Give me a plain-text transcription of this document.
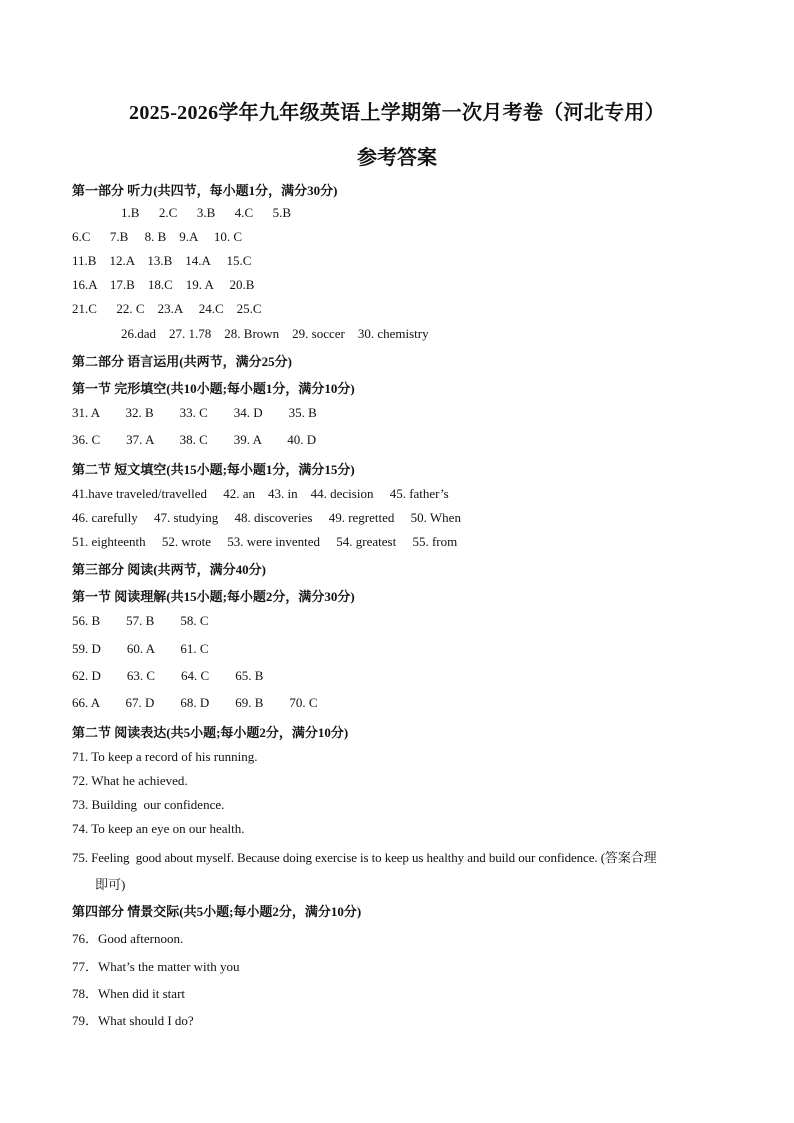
2025-2026学年九年级英语上学期第一次月考卷（河北专用）
参考答案
第一部分 听力(共四节，每小题1分，满分30分)
1.B      2.C      3.B      4.C      5.B
6.C      7.B     8. B    9.A     10. C
11.B    12.A    13.B    14.A     15.C
16.A    17.B    18.C    19. A     20.B
21.C      22. C    23.A     24.C    25.C
26.dad    27. 1.78    28. Brown    29. soccer    30. chemistry
第二部分 语言运用(共两节，满分25分)
第一节 完形填空(共10小题;每小题1分，满分10分)
31. A        32. B        33. C        34. D        35. B
36. C        37. A        38. C        39. A        40. D
第二节 短文填空(共15小题;每小题1分，满分15分)
41.have traveled/travelled     42. an    43. in    44. decision     45. father’s
46. carefully     47. studying     48. discoveries     49. regretted     50. When
51. eighteenth     52. wrote     53. were invented     54. greatest     55. from
第三部分 阅读(共两节，满分40分)
第一节 阅读理解(共15小题;每小题2分，满分30分)
56. B        57. B        58. C
59. D        60. A        61. C
62. D        63. C        64. C        65. B
66. A        67. D        68. D        69. B        70. C
第二节 阅读表达(共5小题;每小题2分，满分10分)
71. To keep a record of his running.
72. What he achieved.
73. Building  our confidence.
74. To keep an eye on our health.
75. Feeling  good about myself. Because doing exercise is to keep us healthy and build our confidence. (答案合理
即可)
第四部分 情景交际(共5小题;每小题2分，满分10分)
76．Good afternoon.
77．What’s the matter with you
78．When did it start
79．What should I do?
